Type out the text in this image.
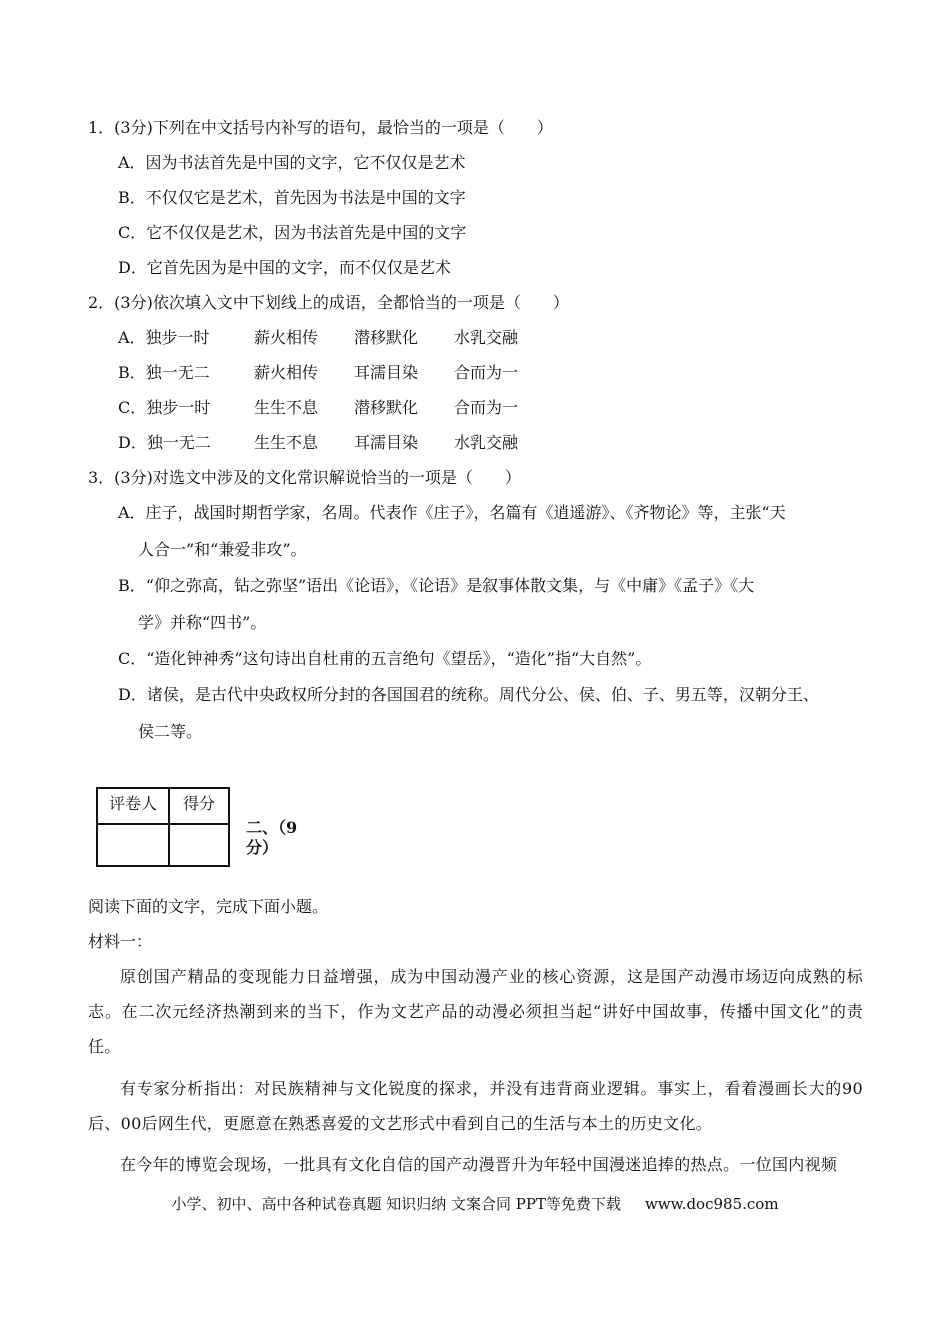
1．(3分)下列在中文括号内补写的语句，最恰当的一项是（　　）
A．因为书法首先是中国的文字，它不仅仅是艺术
B．不仅仅它是艺术，首先因为书法是中国的文字
C．它不仅仅是艺术，因为书法首先是中国的文字
D．它首先因为是中国的文字，而不仅仅是艺术
2．(3分)依次填入文中下划线上的成语，全都恰当的一项是（　　）
A．独步一时	薪火相传 潜移默化 水乳交融
B．独一无二	薪火相传 耳濡目染 合而为一
C．独步一时	生生不息 潜移默化 合而为一
D．独一无二	生生不息 耳濡目染 水乳交融
3．(3分)对选文中涉及的文化常识解说恰当的一项是（　　）
A．庄子，战国时期哲学家，名周。代表作《庄子》，名篇有《逍遥游》、《齐物论》等，主张“天
人合一”和“兼爱非攻”。
B．“仰之弥高，钻之弥坚”语出《论语》，《论语》是叙事体散文集，与《中庸》《孟子》《大
学》并称“四书”。
C．“造化钟神秀”这句诗出自杜甫的五言绝句《望岳》，“造化”指“大自然”。
D．诸侯，是古代中央政权所分封的各国国君的统称。周代分公、侯、伯、子、男五等，汉朝分王、
侯二等。
评卷人	得分

二、（9分）
阅读下面的文字，完成下面小题。
材料一：
原创国产精品的变现能力日益增强，成为中国动漫产业的核心资源，这是国产动漫市场迈向成熟的标志。在二次元经济热潮到来的当下，作为文艺产品的动漫必须担当起“讲好中国故事，传播中国文化”的责任。
有专家分析指出：对民族精神与文化锐度的探求，并没有违背商业逻辑。事实上，看着漫画长大的90后、00后网生代，更愿意在熟悉喜爱的文艺形式中看到自己的生活与本土的历史文化。
在今年的博览会现场，一批具有文化自信的国产动漫晋升为年轻中国漫迷追捧的热点。一位国内视频
小学、初中、高中各种试卷真题 知识归纳 文案合同 PPT等免费下载 www.doc985.com
